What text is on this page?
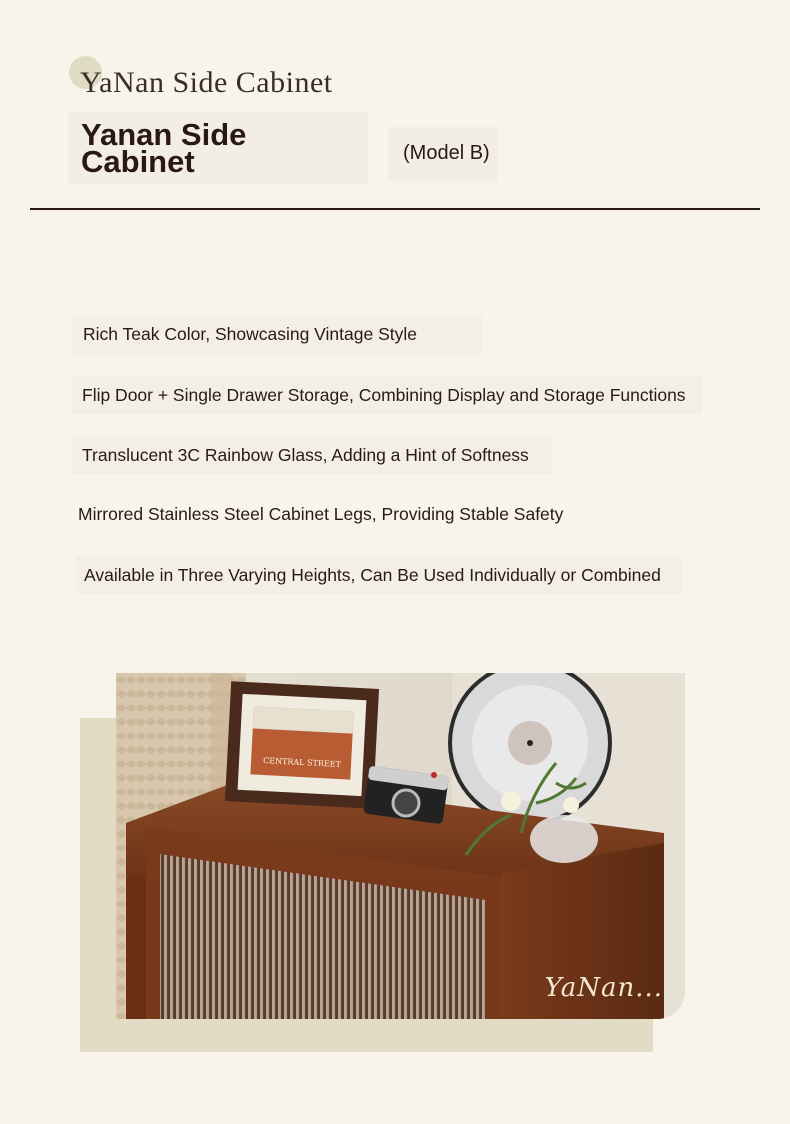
YaNan Side Cabinet
Yanan Side Cabinet	(Model B)
Rich Teak Color, Showcasing Vintage Style
Flip Door + Single Drawer Storage, Combining Display and Storage Functions
Translucent 3C Rainbow Glass, Adding a Hint of Softness
Mirrored Stainless Steel Cabinet Legs, Providing Stable Safety
Available in Three Varying Heights, Can Be Used Individually or Combined
CENTRAL STREET
YaNan...
